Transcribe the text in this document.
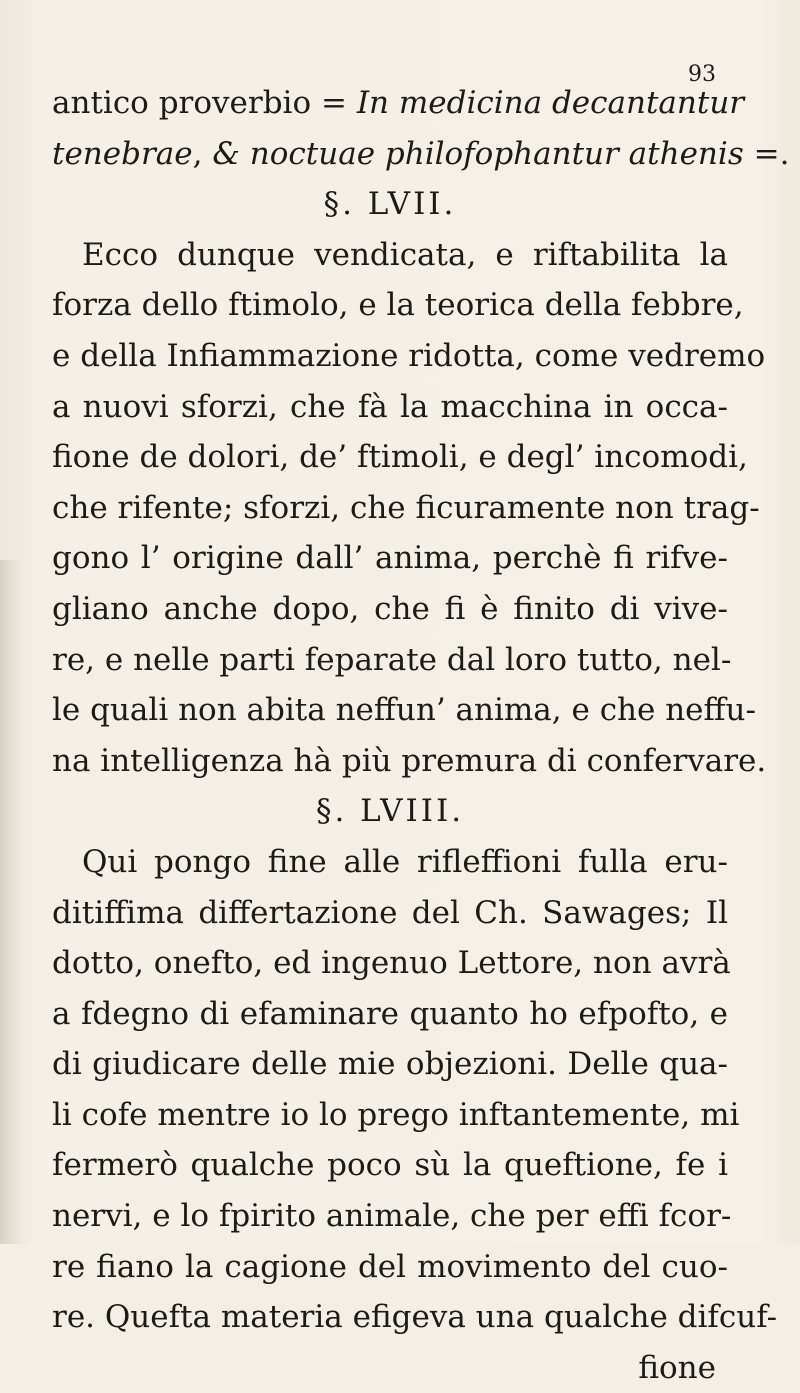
93
antico proverbio = In medicina decantantur
tenebrae, & noctuae philofophantur athenis =.
§. LVII.
Ecco dunque vendicata, e riftabilita la
forza dello ftimolo, e la teorica della febbre,
e della Infiammazione ridotta, come vedremo
a nuovi sforzi, che fà la macchina in occa-
fione de dolori, de’ ftimoli, e degl’ incomodi,
che rifente; sforzi, che ficuramente non trag-
gono l’ origine dall’ anima, perchè fi rifve-
gliano anche dopo, che fi è finito di vive-
re, e nelle parti feparate dal loro tutto, nel-
le quali non abita neffun’ anima, e che neffu-
na intelligenza hà più premura di confervare.
§. LVIII.
Qui pongo fine alle rifleffioni fulla eru-
ditiffima differtazione del Ch. Sawages; Il
dotto, onefto, ed ingenuo Lettore, non avrà
a fdegno di efaminare quanto ho efpofto, e
di giudicare delle mie objezioni. Delle qua-
li cofe mentre io lo prego inftantemente, mi
fermerò qualche poco sù la queftione, fe i
nervi, e lo fpirito animale, che per effi fcor-
re fiano la cagione del movimento del cuo-
re. Quefta materia efigeva una qualche difcuf-
fione
